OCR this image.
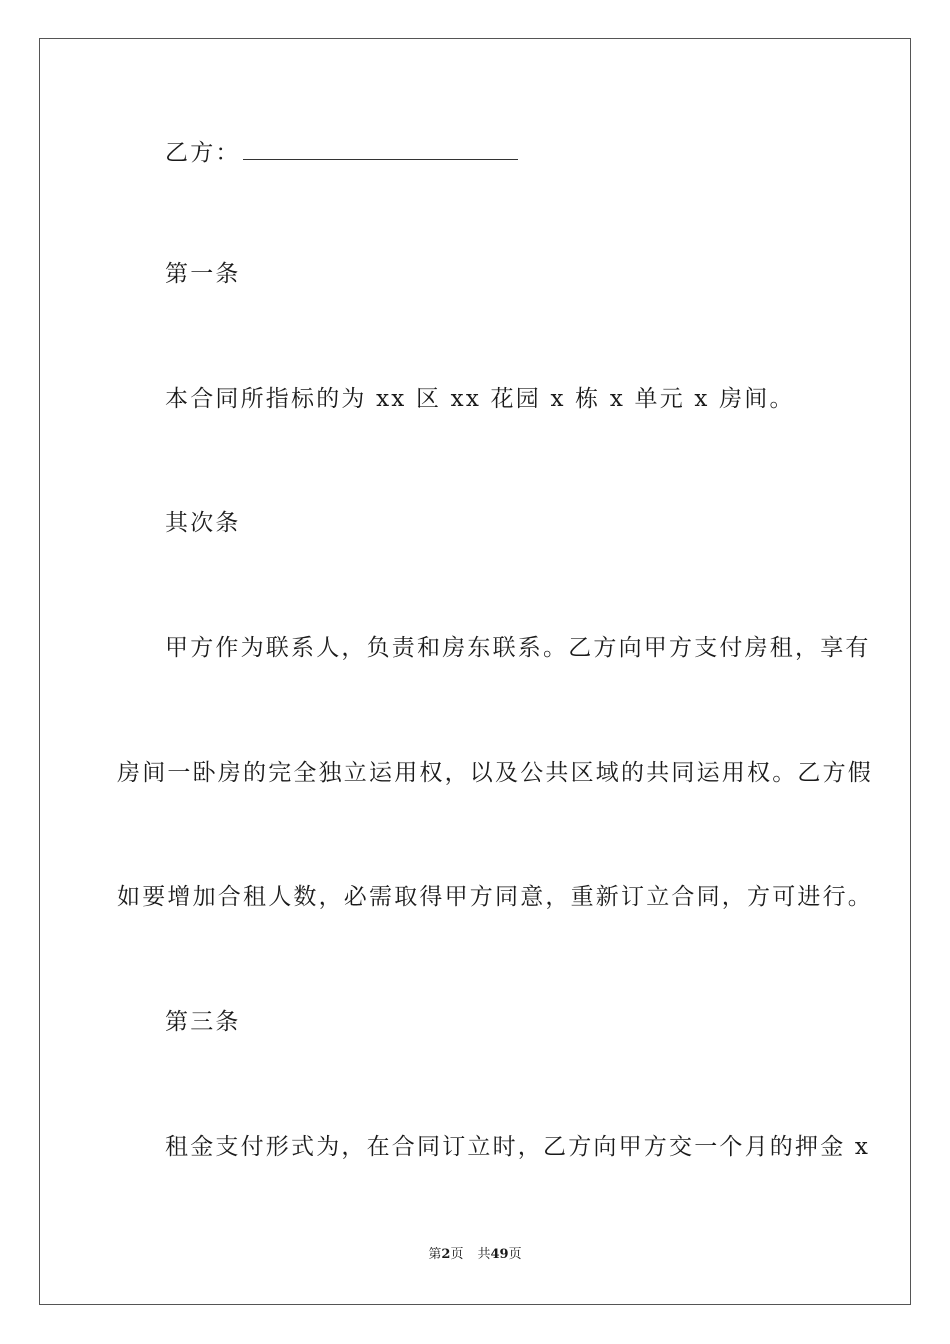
乙方：
第一条
本合同所指标的为 xx 区 xx 花园 x 栋 x 单元 x 房间。
其次条
甲方作为联系人，负责和房东联系。乙方向甲方支付房租，享有
房间一卧房的完全独立运用权，以及公共区域的共同运用权。乙方假
如要增加合租人数，必需取得甲方同意，重新订立合同，方可进行。
第三条
租金支付形式为，在合同订立时，乙方向甲方交一个月的押金 x
第2页 共49页
